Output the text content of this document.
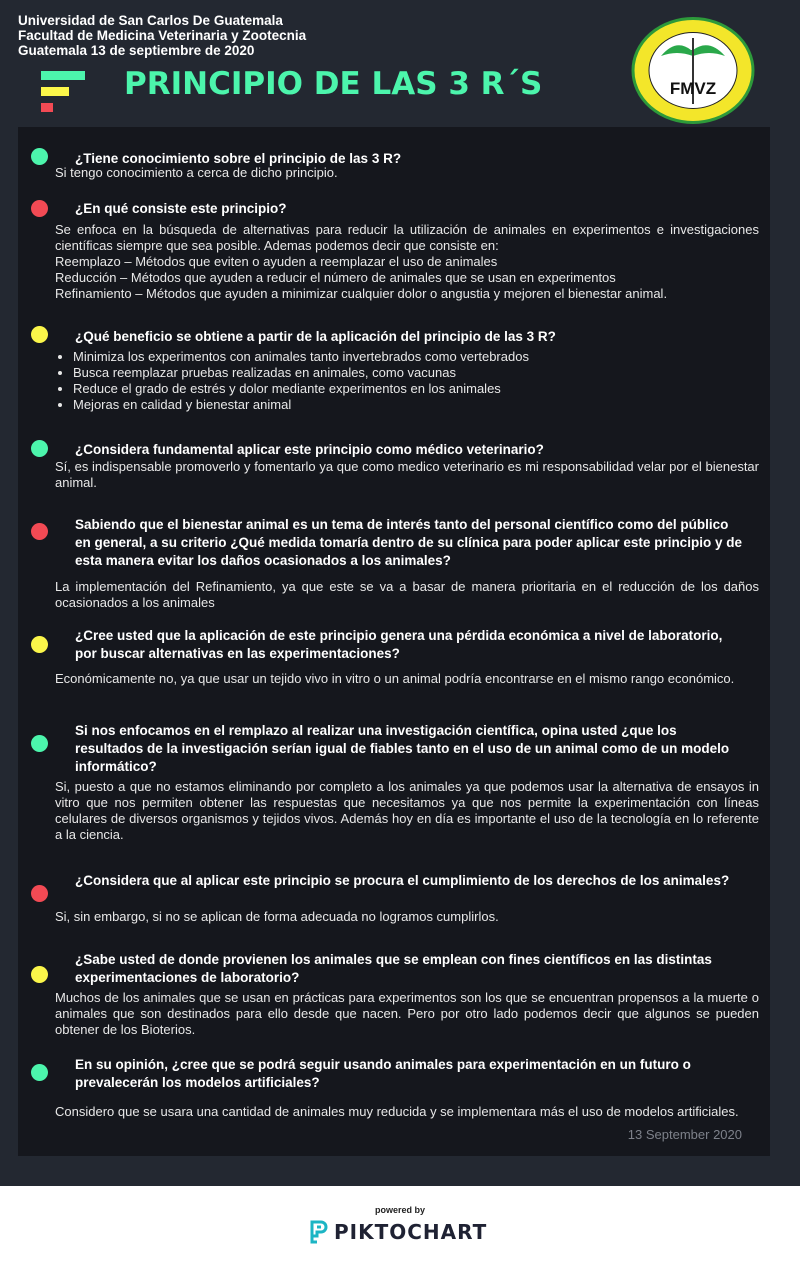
Universidad de San Carlos De Guatemala
Facultad de Medicina Veterinaria y Zootecnia
Guatemala 13 de septiembre de 2020
PRINCIPIO DE LAS 3 R´S	FMVZ
¿Tiene conocimiento sobre el principio de las 3 R?
Si tengo conocimiento a cerca de dicho principio.
¿En qué consiste este principio?
Se enfoca en la búsqueda de alternativas para reducir la utilización de animales en experimentos e investigaciones científicas siempre que sea posible. Ademas podemos decir que consiste en:
Reemplazo – Métodos que eviten o ayuden a reemplazar el uso de animales
Reducción – Métodos que ayuden a reducir el número de animales que se usan en experimentos
Refinamiento – Métodos que ayuden a minimizar cualquier dolor o angustia y mejoren el bienestar animal.
¿Qué beneficio se obtiene a partir de la aplicación del principio de las 3 R?
• Minimiza los experimentos con animales tanto invertebrados como vertebrados
• Busca reemplazar pruebas realizadas en animales, como vacunas
• Reduce el grado de estrés y dolor mediante experimentos en los animales
• Mejoras en calidad y bienestar animal
¿Considera fundamental aplicar este principio como médico veterinario?
Sí, es indispensable promoverlo y fomentarlo ya que como medico veterinario es mi responsabilidad velar por el bienestar animal.
Sabiendo que el bienestar animal es un tema de interés tanto del personal científico como del público en general, a su criterio ¿Qué medida tomaría dentro de su clínica para poder aplicar este principio y de esta manera evitar los daños ocasionados a los animales?
La implementación del Refinamiento, ya que este se va a basar de manera prioritaria en el reducción de los daños ocasionados a los animales
¿Cree usted que la aplicación de este principio genera una pérdida económica a nivel de laboratorio, por buscar alternativas en las experimentaciones?
Económicamente no, ya que usar un tejido vivo in vitro o un animal podría encontrarse en el mismo rango económico.
Si nos enfocamos en el remplazo al realizar una investigación científica, opina usted ¿que los resultados de la investigación serían igual de fiables tanto en el uso de un animal como de un modelo informático?
Si, puesto a que no estamos eliminando por completo a los animales ya que podemos usar la alternativa de ensayos in vitro que nos permiten obtener las respuestas que necesitamos ya que nos permite la experimentación con líneas celulares de diversos organismos y tejidos vivos. Además hoy en día es importante el uso de la tecnología en lo referente a la ciencia.
¿Considera que al aplicar este principio se procura el cumplimiento de los derechos de los animales?
Si, sin embargo, si no se aplican de forma adecuada no logramos cumplirlos.
¿Sabe usted de donde provienen los animales que se emplean con fines científicos en las distintas experimentaciones de laboratorio?
Muchos de los animales que se usan en prácticas para experimentos son los que se encuentran propensos a la muerte o animales que son destinados para ello desde que nacen. Pero por otro lado podemos decir que algunos se pueden obtener de los Bioterios.
En su opinión, ¿cree que se podrá seguir usando animales para experimentación en un futuro o prevalecerán los modelos artificiales?
Considero que se usara una cantidad de animales muy reducida y se implementara más el uso de modelos artificiales.
13 September 2020
powered by
PIKTOCHART
